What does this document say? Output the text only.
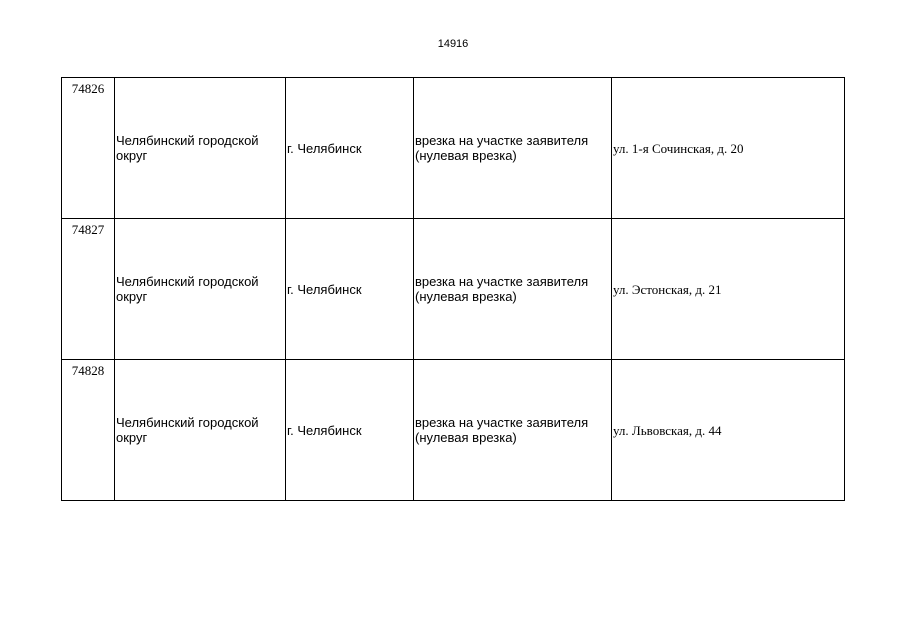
14916
74826	Челябинский городской округ	г. Челябинск	врезка на участке заявителя (нулевая врезка)	ул. 1-я Сочинская, д. 20

74827	Челябинский городской округ	г. Челябинск	врезка на участке заявителя (нулевая врезка)	ул. Эстонская, д. 21

74828	Челябинский городской округ	г. Челябинск	врезка на участке заявителя (нулевая врезка)	ул. Львовская, д. 44
